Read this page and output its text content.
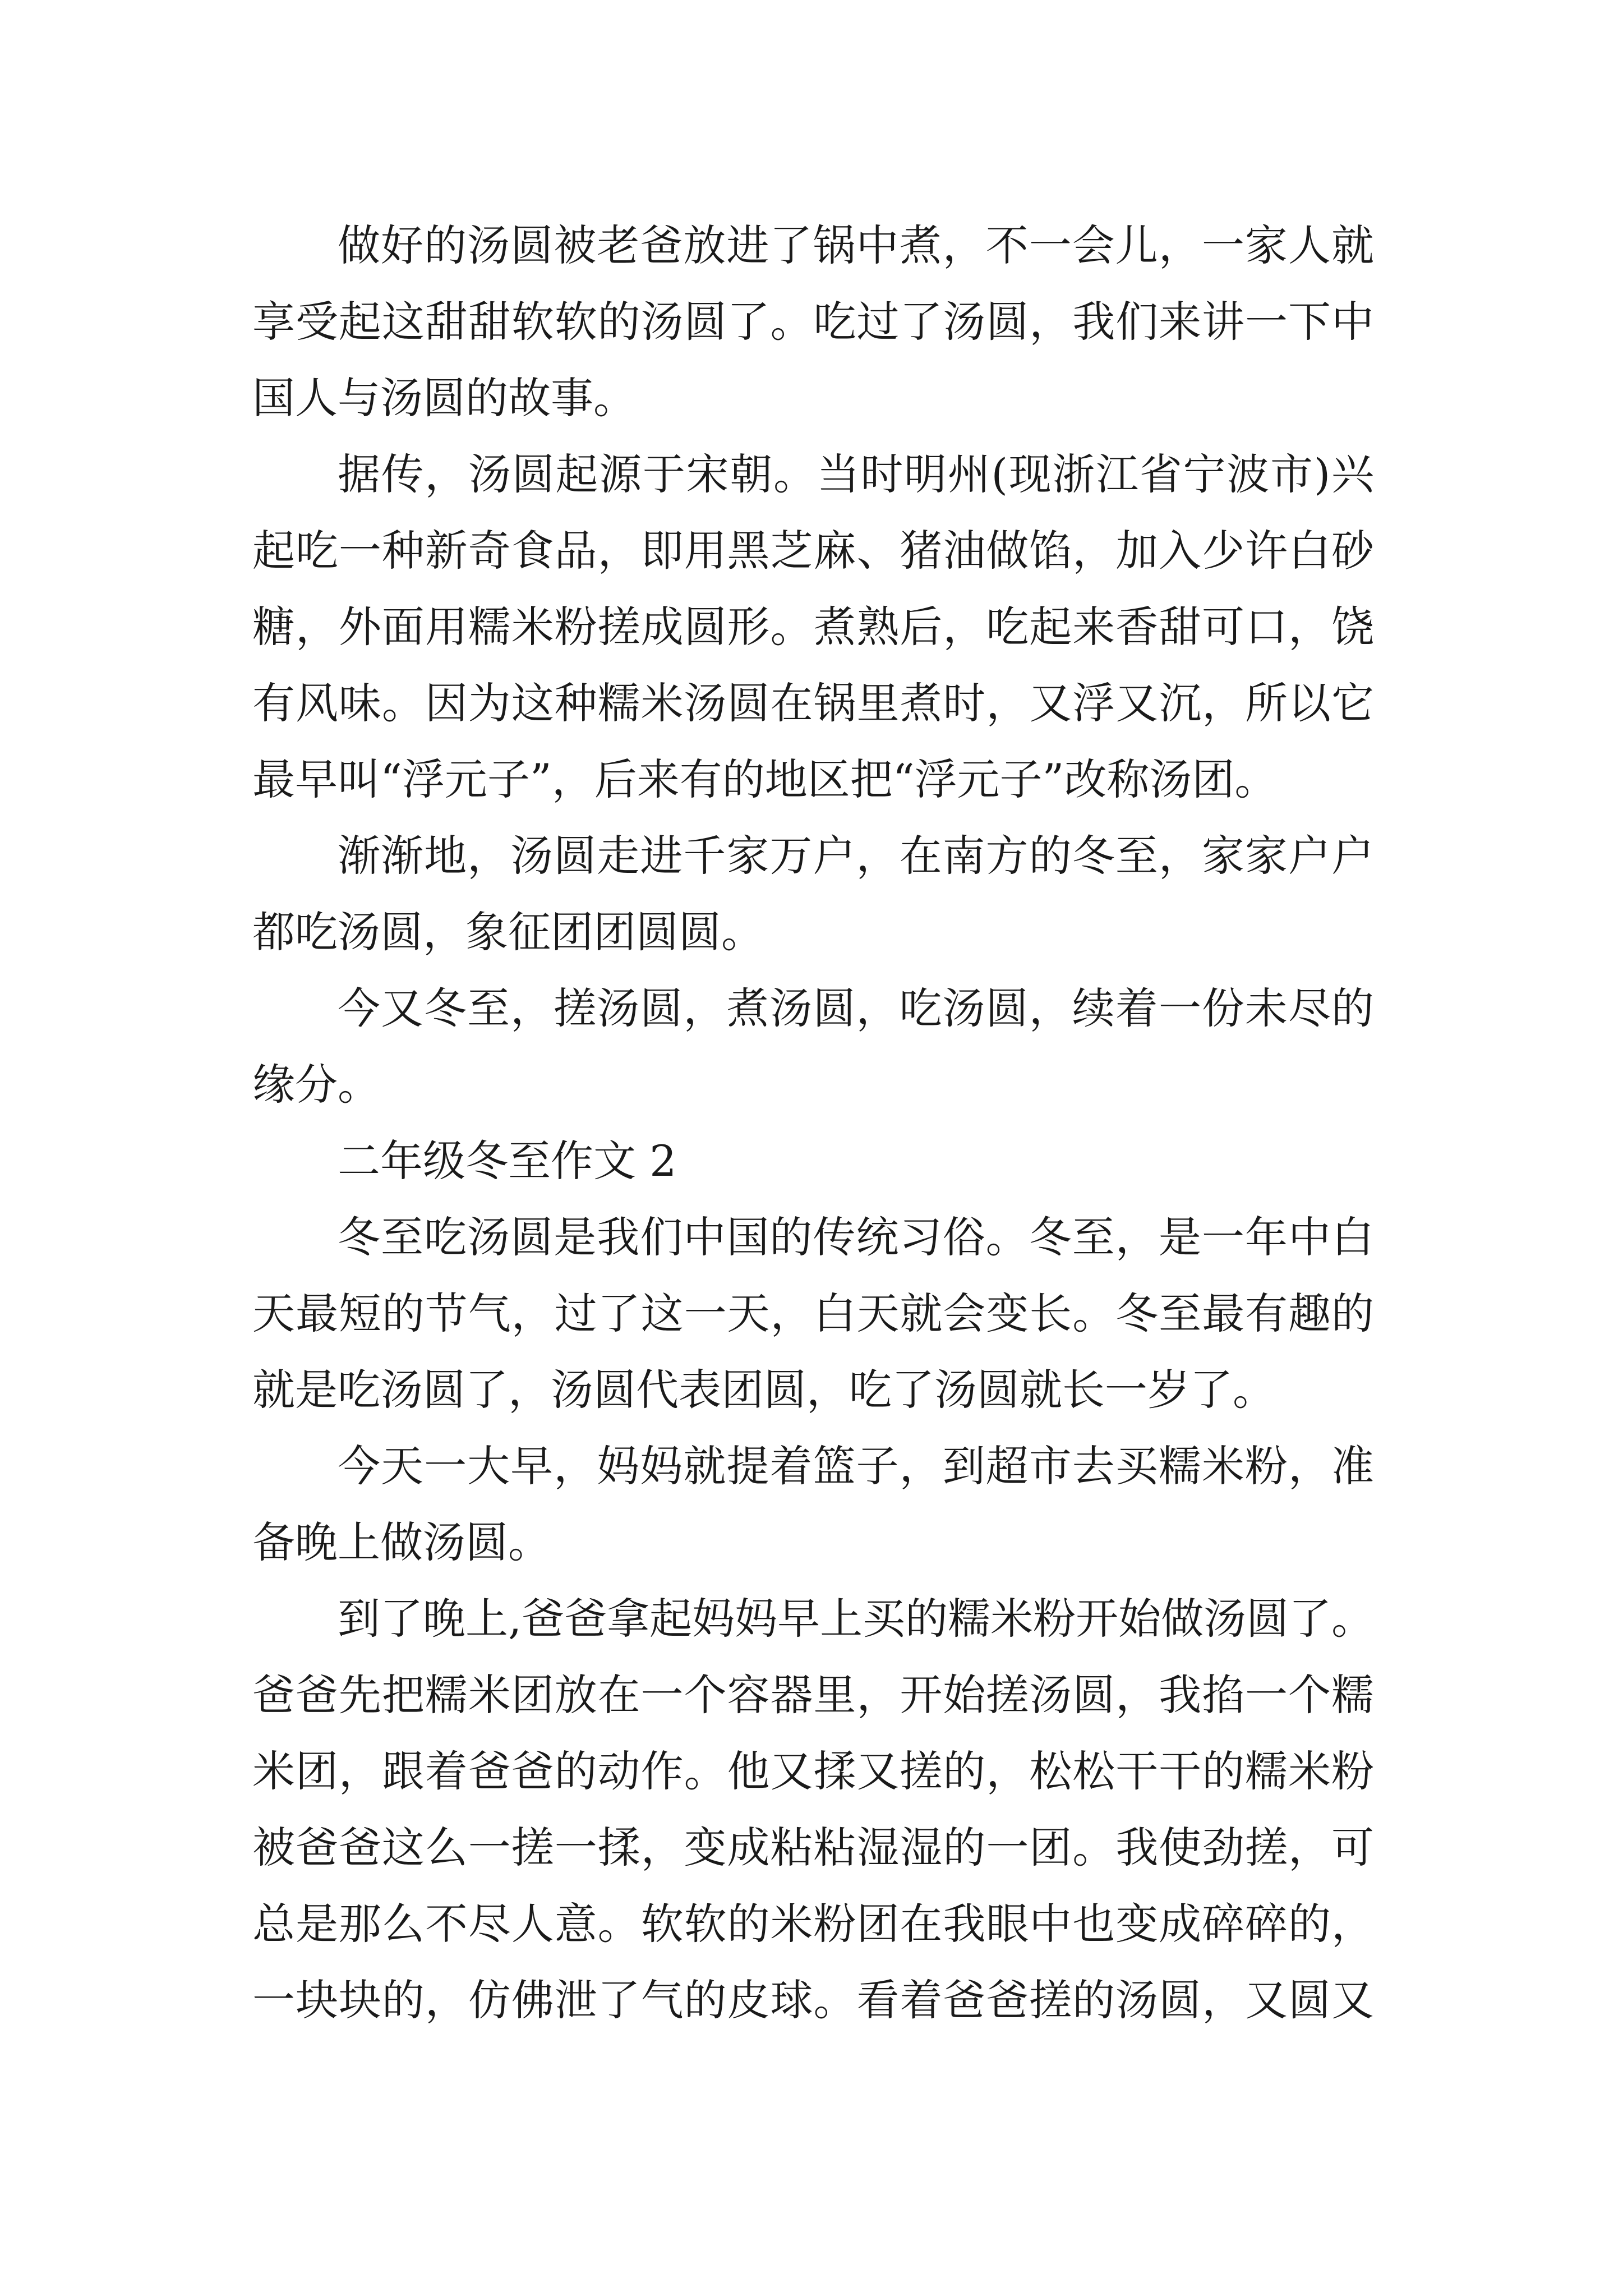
做好的汤圆被老爸放进了锅中煮，不一会儿，一家人就
享受起这甜甜软软的汤圆了。吃过了汤圆，我们来讲一下中
国人与汤圆的故事。
据传，汤圆起源于宋朝。当时明州(现浙江省宁波市)兴
起吃一种新奇食品，即用黑芝麻、猪油做馅，加入少许白砂
糖，外面用糯米粉搓成圆形。煮熟后，吃起来香甜可口，饶
有风味。因为这种糯米汤圆在锅里煮时，又浮又沉，所以它
最早叫“浮元子”，后来有的地区把“浮元子”改称汤团。
渐渐地，汤圆走进千家万户，在南方的冬至，家家户户
都吃汤圆，象征团团圆圆。
今又冬至，搓汤圆，煮汤圆，吃汤圆，续着一份未尽的
缘分。
二年级冬至作文 2
冬至吃汤圆是我们中国的传统习俗。冬至，是一年中白
天最短的节气，过了这一天，白天就会变长。冬至最有趣的
就是吃汤圆了，汤圆代表团圆，吃了汤圆就长一岁了。
今天一大早，妈妈就提着篮子，到超市去买糯米粉，准
备晚上做汤圆。
到了晚上,爸爸拿起妈妈早上买的糯米粉开始做汤圆了。
爸爸先把糯米团放在一个容器里，开始搓汤圆，我掐一个糯
米团，跟着爸爸的动作。他又揉又搓的，松松干干的糯米粉
被爸爸这么一搓一揉，变成粘粘湿湿的一团。我使劲搓，可
总是那么不尽人意。软软的米粉团在我眼中也变成碎碎的，
一块块的，仿佛泄了气的皮球。看着爸爸搓的汤圆，又圆又
